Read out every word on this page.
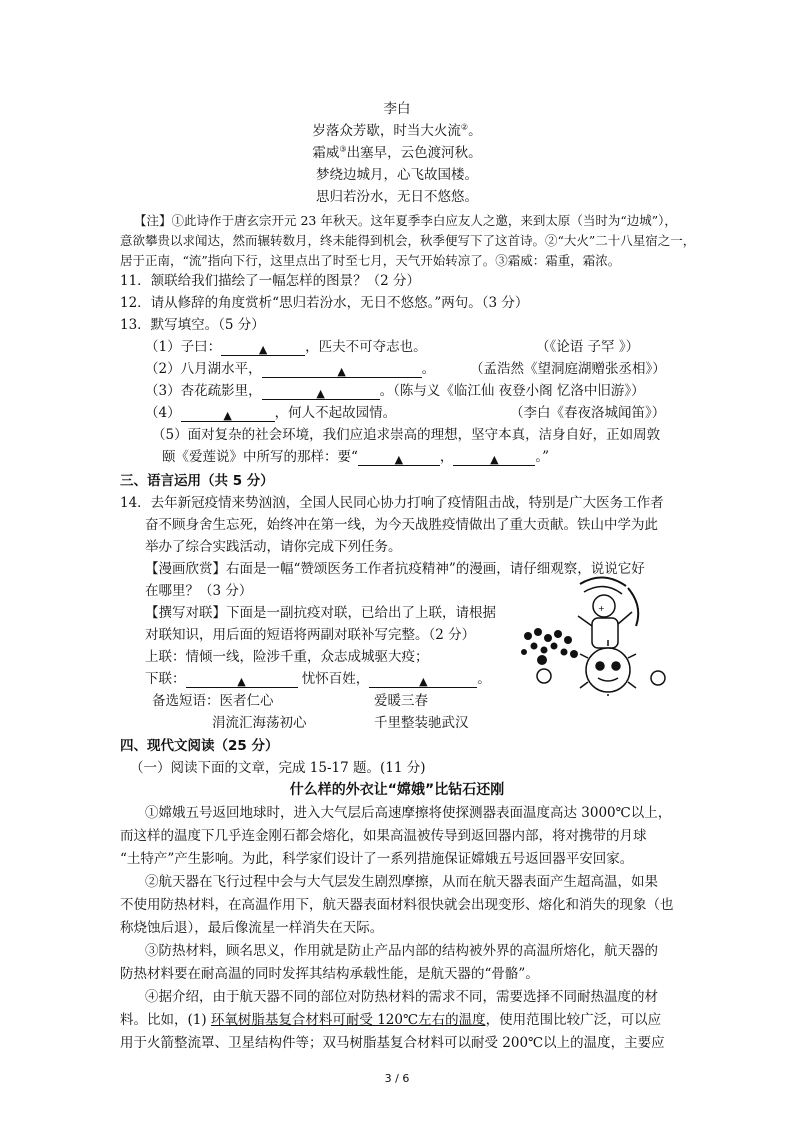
李白
岁落众芳歇，时当大火流②。
霜威③出塞早，云色渡河秋。
梦绕边城月，心飞故国楼。
思归若汾水，无日不悠悠。
【注】①此诗作于唐玄宗开元 23 年秋天。这年夏季李白应友人之邀，来到太原（当时为“边城”），
意欲攀贵以求闻达，然而辗转数月，终未能得到机会，秋季便写下了这首诗。②“大火”二十八星宿之一，
居于正南，“流”指向下行，这里点出了时至七月，天气开始转凉了。③霜威：霜重，霜浓。
11．颔联给我们描绘了一幅怎样的图景？（2 分）
12．请从修辞的角度赏析“思归若汾水，无日不悠悠。”两句。（3 分）
13．默写填空。（5 分）
（1）子曰：	▲	，匹夫不可夺志也。	（《论语 子罕 》）
（2）八月湖水平，	▲	。	（孟浩然《望洞庭湖赠张丞相》）
（3）杏花疏影里，	▲	。（陈与义《临江仙 夜登小阁 忆洛中旧游》）
（4）	▲	，何人不起故园情。	（李白《春夜洛城闻笛》）
（5）面对复杂的社会环境，我们应追求崇高的理想，坚守本真，洁身自好，正如周敦
颐《爱莲说》中所写的那样：要“	▲	，	▲	。”
三、语言运用（共 5 分）
14．去年新冠疫情来势汹汹，全国人民同心协力打响了疫情阻击战，特别是广大医务工作者
奋不顾身舍生忘死，始终冲在第一线，为今天战胜疫情做出了重大贡献。铁山中学为此
举办了综合实践活动，请你完成下列任务。
【漫画欣赏】右面是一幅“赞颂医务工作者抗疫精神”的漫画，请仔细观察，说说它好
在哪里？（3 分）
【撰写对联】下面是一副抗疫对联，已给出了上联，请根据
对联知识，用后面的短语将两副对联补写完整。（2 分）
上联：情倾一线，险涉千重，众志成城驱大疫；
下联：	▲	忧怀百姓，	▲	。
备选短语：医者仁心	爱暖三春
涓流汇海荡初心	千里整装驰武汉
+
四、现代文阅读（25 分）
（一）阅读下面的文章，完成 15-17 题。(11 分)
什么样的外衣让“嫦娥”比钻石还刚
①嫦娥五号返回地球时，进入大气层后高速摩擦将使探测器表面温度高达 3000℃以上，
而这样的温度下几乎连金刚石都会熔化，如果高温被传导到返回器内部，将对携带的月球
“土特产”产生影响。为此，科学家们设计了一系列措施保证嫦娥五号返回器平安回家。
②航天器在飞行过程中会与大气层发生剧烈摩擦，从而在航天器表面产生超高温，如果
不使用防热材料，在高温作用下，航天器表面材料很快就会出现变形、熔化和消失的现象（也
称烧蚀后退），最后像流星一样消失在天际。
③防热材料，顾名思义，作用就是防止产品内部的结构被外界的高温所熔化，航天器的
防热材料要在耐高温的同时发挥其结构承载性能，是航天器的“骨骼”。
④据介绍，由于航天器不同的部位对防热材料的需求不同，需要选择不同耐热温度的材
料。比如，(1) 环氧树脂基复合材料可耐受 120℃左右的温度，使用范围比较广泛，可以应
用于火箭整流罩、卫星结构件等；双马树脂基复合材料可以耐受 200℃以上的温度，主要应
3 / 6
